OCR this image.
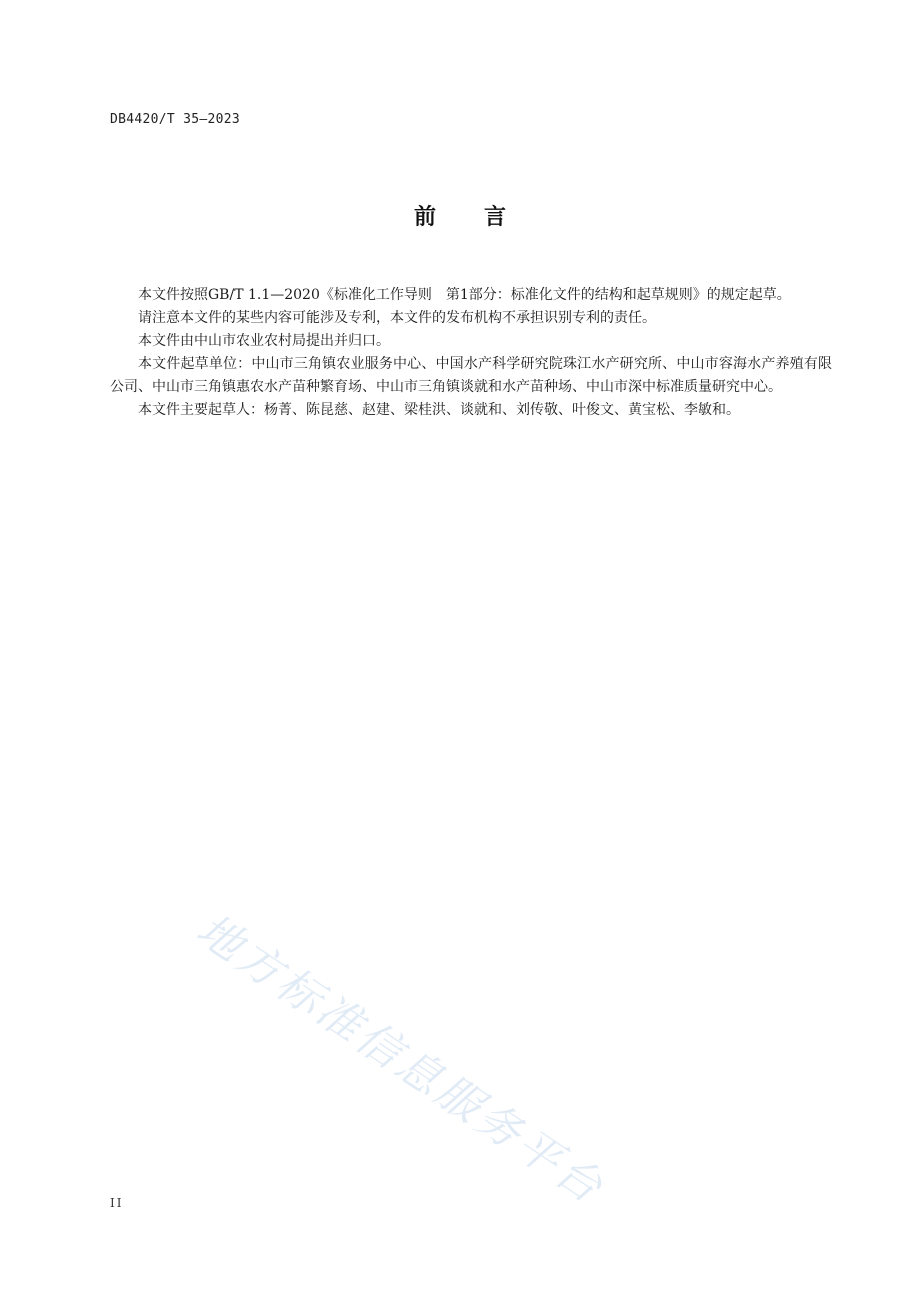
DB4420/T 35—2023
前言

本文件按照GB/T 1.1—2020《标准化工作导则　第1部分：标准化文件的结构和起草规则》的规定起草。

请注意本文件的某些内容可能涉及专利，本文件的发布机构不承担识别专利的责任。

本文件由中山市农业农村局提出并归口。

本文件起草单位：中山市三角镇农业服务中心、中国水产科学研究院珠江水产研究所、中山市容海水产养殖有限公司、中山市三角镇惠农水产苗种繁育场、中山市三角镇谈就和水产苗种场、中山市深中标准质量研究中心。

本文件主要起草人：杨菁、陈昆慈、赵建、梁桂洪、谈就和、刘传敬、叶俊文、黄宝松、李敏和。

地方标准信息服务平台
II
